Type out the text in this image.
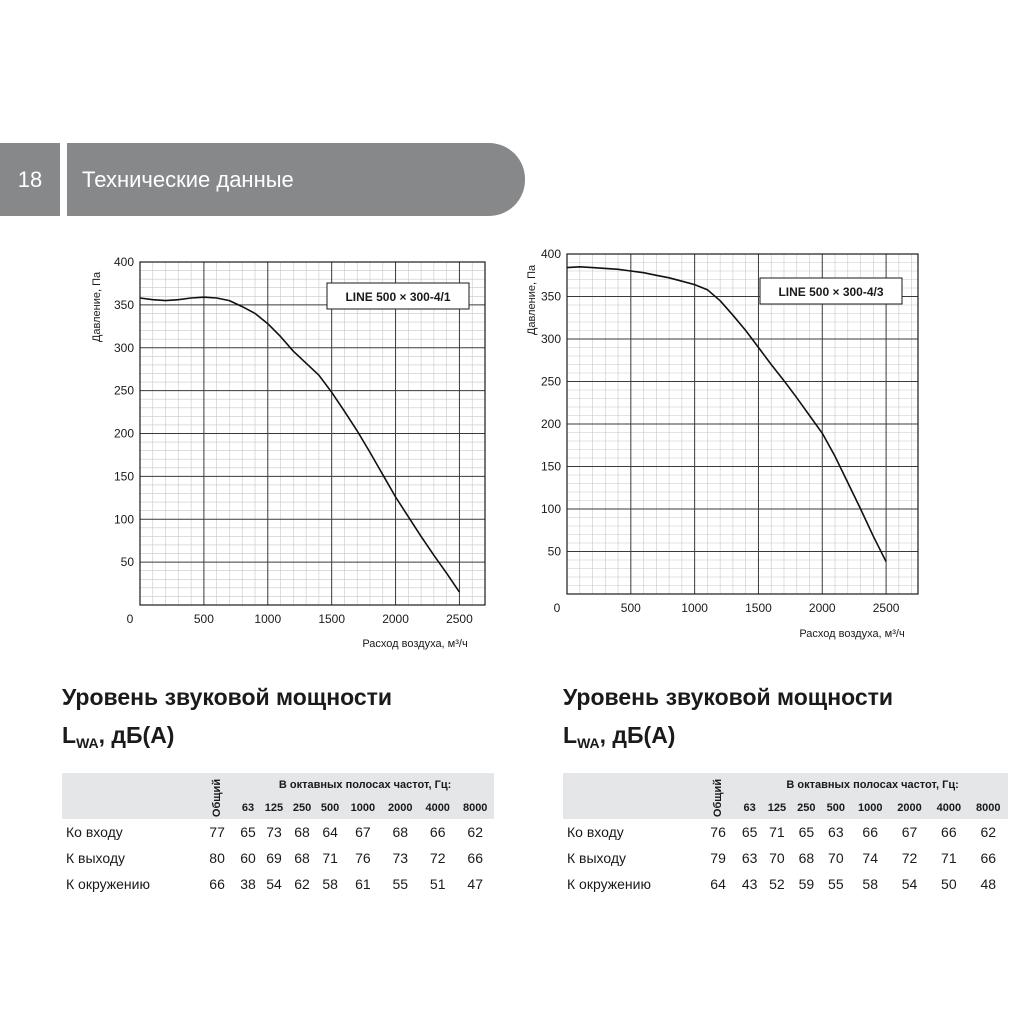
18	Технические данные
50
100
150
200
250
300
350
400
0	500	1000	1500	2000	2500
Давление, Па
Расход воздуха, м³/ч
LINE 500 × 300-4/1
50
100
150
200
250
300
350
400
0	500	1000	1500	2000	2500
Давление, Па
Расход воздуха, м³/ч
LINE 500 × 300-4/3
Уровень звуковой мощности
$L_{WA}$, дБ(А)
Уровень звуковой мощности
$L_{WA}$, дБ(А)
	Общий	В октавных полосах частот, Гц:							
		63	125	250	500	1000	2000	4000	8000
Ко входу	77	65	73	68	64	67	68	66	62
К выходу	80	60	69	68	71	76	73	72	66
К окружению	66	38	54	62	58	61	55	51	47
	Общий	В октавных полосах частот, Гц:							
		63	125	250	500	1000	2000	4000	8000
Ко входу	76	65	71	65	63	66	67	66	62
К выходу	79	63	70	68	70	74	72	71	66
К окружению	64	43	52	59	55	58	54	50	48
